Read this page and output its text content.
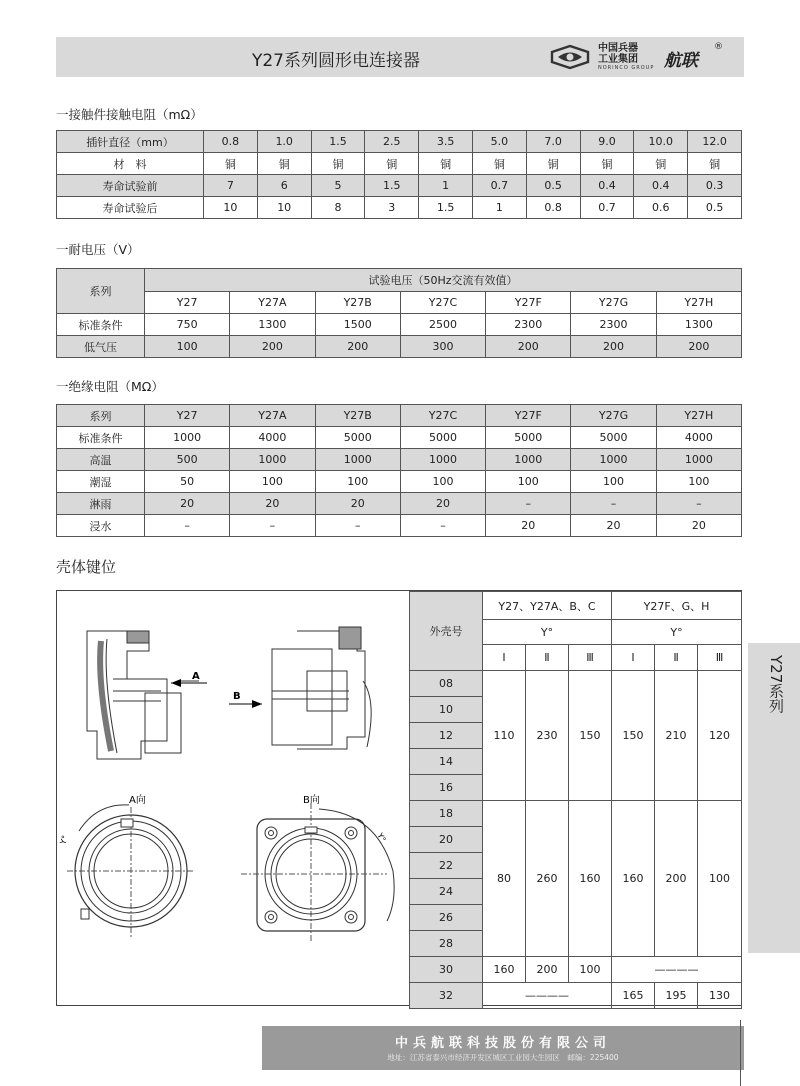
Y27系列圆形电连接器
中国兵器
工业集团
NORINCO GROUP 航联
®
一接触件接触电阻（mΩ）
插针直径（mm）	0.8	1.0	1.5	2.5	3.5	5.0	7.0	9.0	10.0	12.0
材　料	铜	铜	铜	铜	铜	铜	铜	铜	铜	铜
寿命试验前	7	6	5	1.5	1	0.7	0.5	0.4	0.4	0.3
寿命试验后	10	10	8	3	1.5	1	0.8	0.7	0.6	0.5
一耐电压（V）
系列	试验电压（50Hz交流有效值）						
	Y27	Y27A	Y27B	Y27C	Y27F	Y27G	Y27H
标准条件	750	1300	1500	2500	2300	2300	1300
低气压	100	200	200	300	200	200	200
一绝缘电阻（MΩ）
系列	Y27	Y27A	Y27B	Y27C	Y27F	Y27G	Y27H
标准条件	1000	4000	5000	5000	5000	5000	4000
高温	500	1000	1000	1000	1000	1000	1000
潮湿	50	100	100	100	100	100	100
淋雨	20	20	20	20	–	–	–
浸水	–	–	–	–	20	20	20
壳体键位
A
B
A向
Y°
B向
Y°
外壳号	Y27、Y27A、B、C			Y27F、G、H		
	Y°			Y°		
	Ⅰ	Ⅱ	Ⅲ	Ⅰ	Ⅱ	Ⅲ
08	110	230	150	150	210	120
10						
12						
14						
16						
18	80	260	160	160	200	100
20						
22						
24						
26						
28						
30	160	200	100	————		
32	————			165	195	130
Y27系列
中兵航联科技股份有限公司
地址：江苏省泰兴市经济开发区城区工业园大生园区　邮编：225400
